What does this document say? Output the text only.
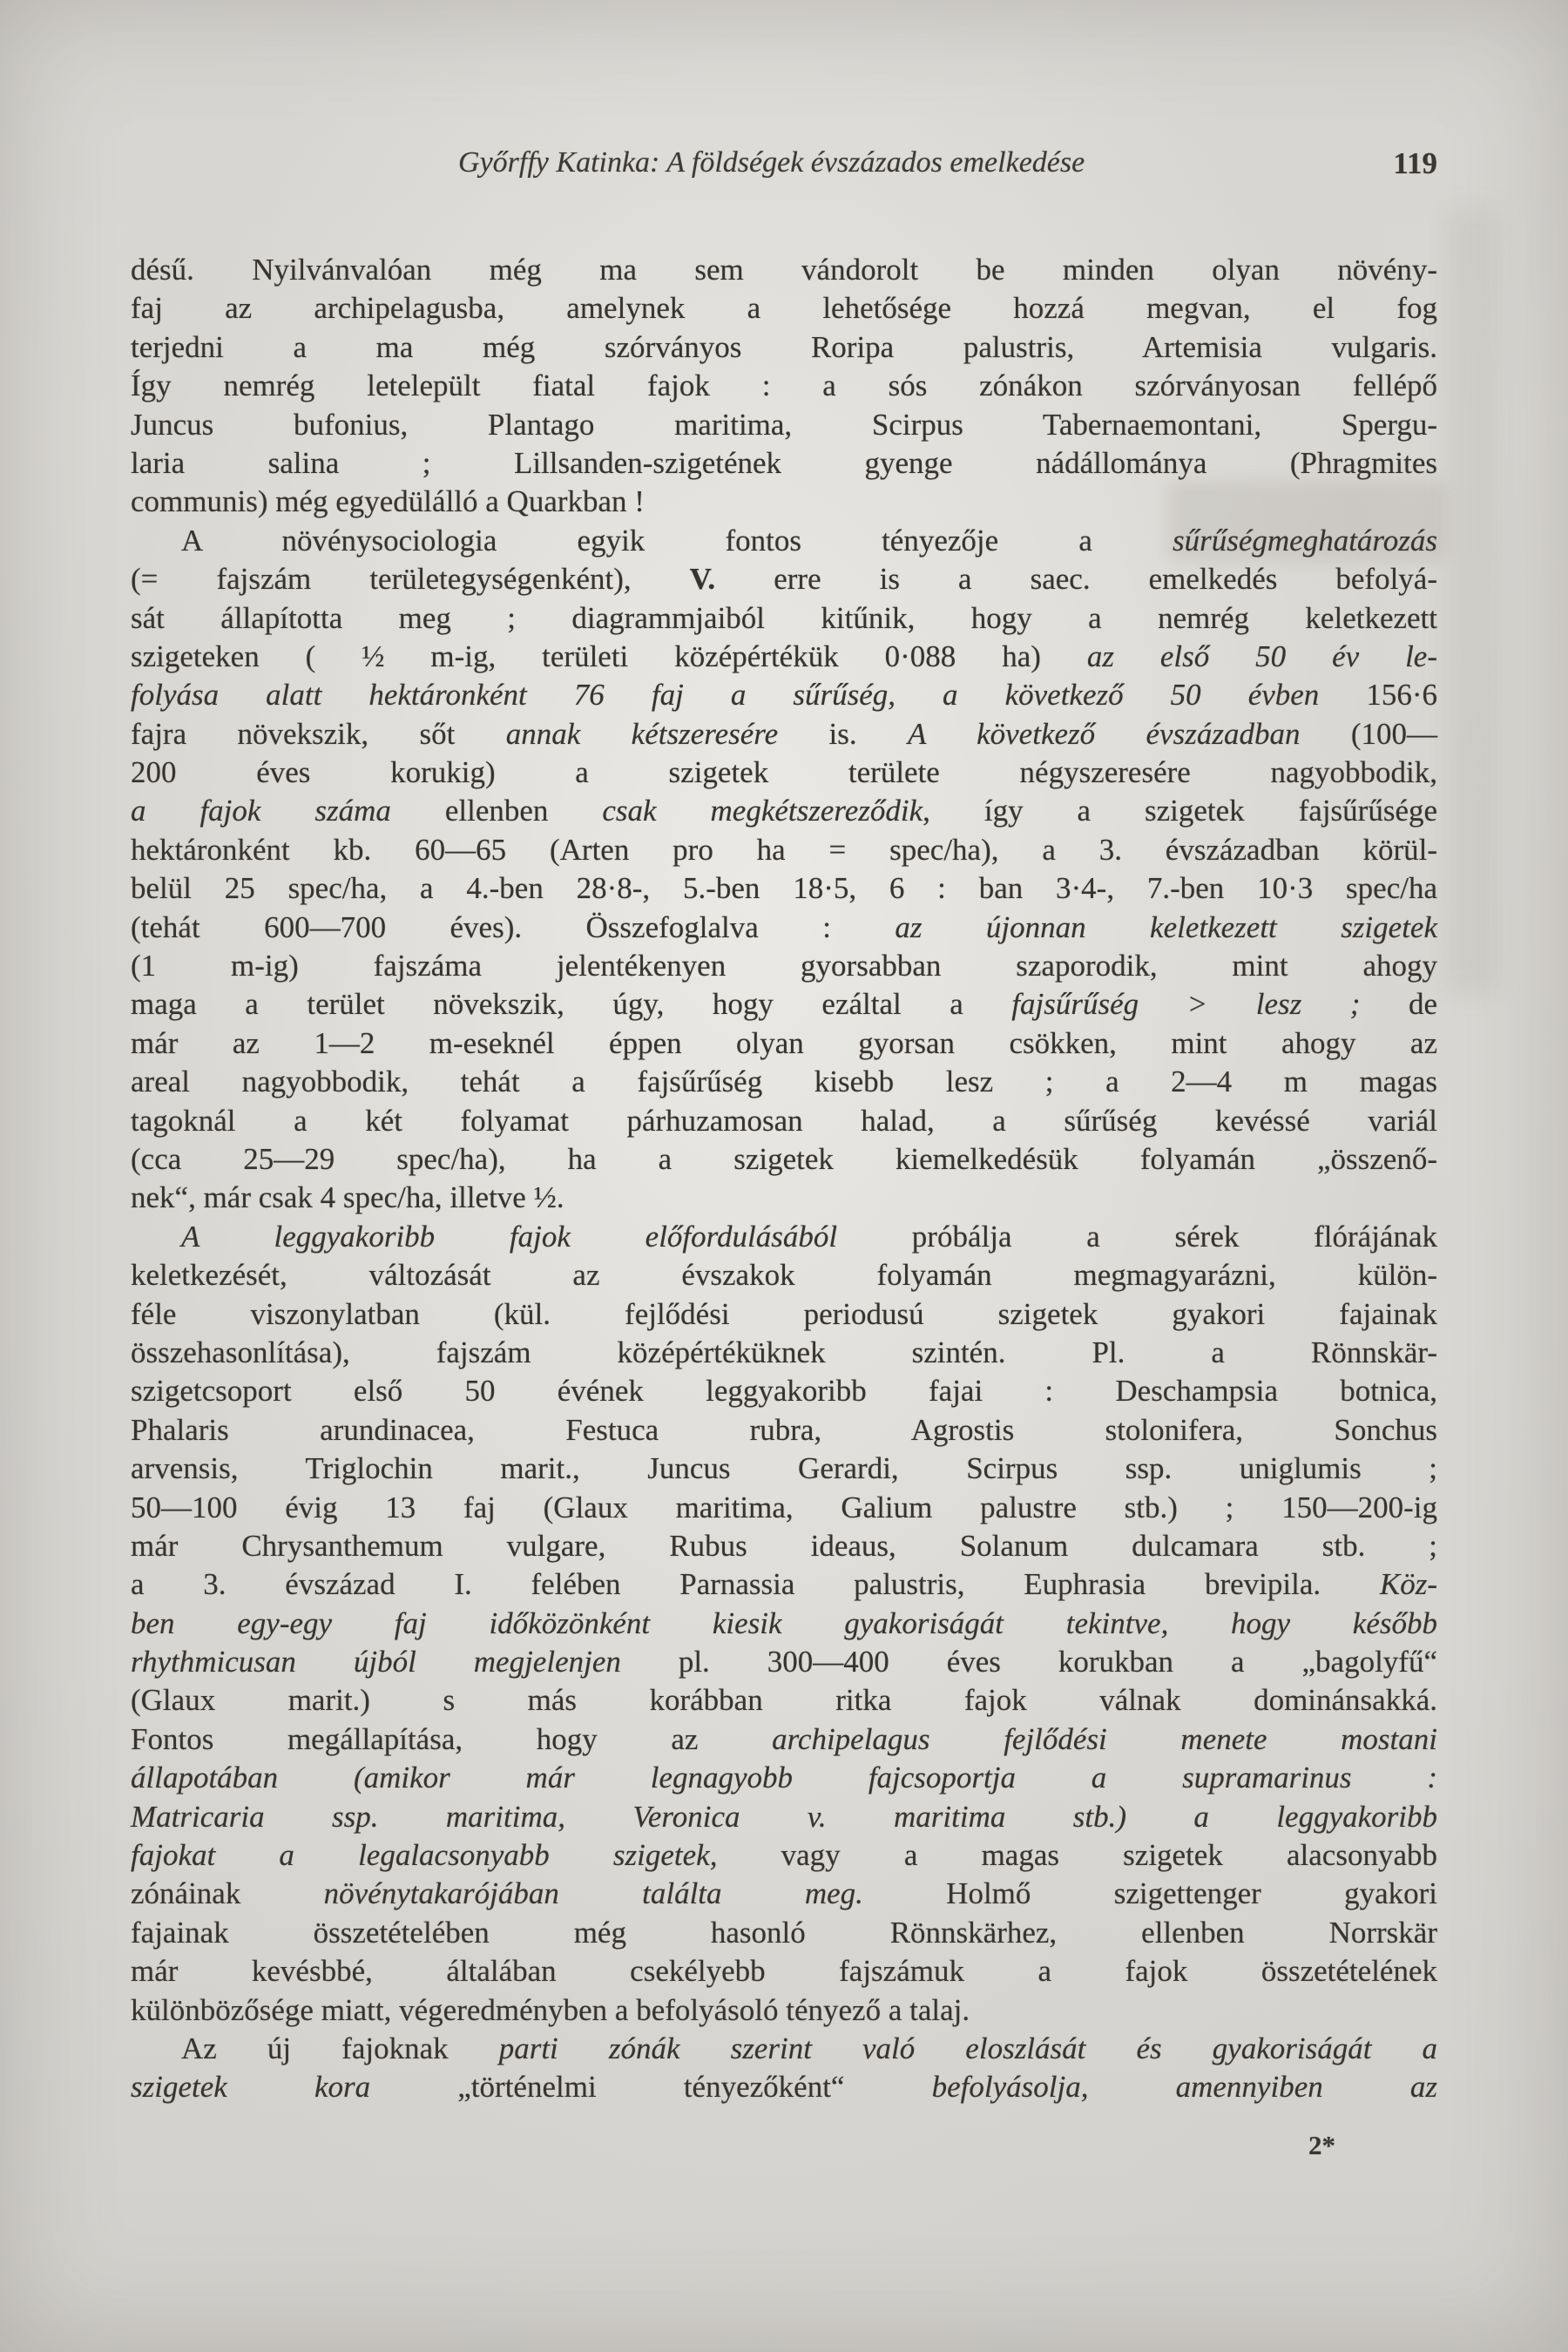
Győrffy Katinka: A földségek évszázados emelkedése	119
désű. Nyilvánvalóan még ma sem vándorolt be minden olyan növény-
faj az archipelagusba, amelynek a lehetősége hozzá megvan, el fog
terjedni a ma még szórványos Roripa palustris, Artemisia vulgaris.
Így nemrég letelepült fiatal fajok : a sós zónákon szórványosan fellépő
Juncus bufonius, Plantago maritima, Scirpus Tabernaemontani, Spergu-
laria salina ; Lillsanden-szigetének gyenge nádállománya (Phragmites
communis) még egyedülálló a Quarkban !
A növénysociologia egyik fontos tényezője a sűrűségmeghatározás
(= fajszám területegységenként), V. erre is a saec. emelkedés befolyá-
sát állapította meg ; diagrammjaiból kitűnik, hogy a nemrég keletkezett
szigeteken ( ½ m-ig, területi középértékük 0·088 ha) az első 50 év le-
folyása alatt hektáronként 76 faj a sűrűség, a következő 50 évben 156·6
fajra növekszik, sőt annak kétszeresére is. A következő évszázadban (100—
200 éves korukig) a szigetek területe négyszeresére nagyobbodik,
a fajok száma ellenben csak megkétszereződik, így a szigetek fajsűrűsége
hektáronként kb. 60—65 (Arten pro ha = spec/ha), a 3. évszázadban körül-
belül 25 spec/ha, a 4.-ben 28·8-, 5.-ben 18·5, 6 : ban 3·4-, 7.-ben 10·3 spec/ha
(tehát 600—700 éves). Összefoglalva : az újonnan keletkezett szigetek
(1 m-ig) fajszáma jelentékenyen gyorsabban szaporodik, mint ahogy
maga a terület növekszik, úgy, hogy ezáltal a fajsűrűség > lesz ; de
már az 1—2 m-eseknél éppen olyan gyorsan csökken, mint ahogy az
areal nagyobbodik, tehát a fajsűrűség kisebb lesz ; a 2—4 m magas
tagoknál a két folyamat párhuzamosan halad, a sűrűség kevéssé variál
(cca 25—29 spec/ha), ha a szigetek kiemelkedésük folyamán „összenő-
nek“, már csak 4 spec/ha, illetve ½.
A leggyakoribb fajok előfordulásából próbálja a sérek flórájának
keletkezését, változását az évszakok folyamán megmagyarázni, külön-
féle viszonylatban (kül. fejlődési periodusú szigetek gyakori fajainak
összehasonlítása), fajszám középértéküknek szintén. Pl. a Rönnskär-
szigetcsoport első 50 évének leggyakoribb fajai : Deschampsia botnica,
Phalaris arundinacea, Festuca rubra, Agrostis stolonifera, Sonchus
arvensis, Triglochin marit., Juncus Gerardi, Scirpus ssp. uniglumis ;
50—100 évig 13 faj (Glaux maritima, Galium palustre stb.) ; 150—200-ig
már Chrysanthemum vulgare, Rubus ideaus, Solanum dulcamara stb. ;
a 3. évszázad I. felében Parnassia palustris, Euphrasia brevipila. Köz-
ben egy-egy faj időközönként kiesik gyakoriságát tekintve, hogy később
rhythmicusan újból megjelenjen pl. 300—400 éves korukban a „bagolyfű“
(Glaux marit.) s más korábban ritka fajok válnak dominánsakká.
Fontos megállapítása, hogy az archipelagus fejlődési menete mostani
állapotában (amikor már legnagyobb fajcsoportja a supramarinus :
Matricaria ssp. maritima, Veronica v. maritima stb.) a leggyakoribb
fajokat a legalacsonyabb szigetek, vagy a magas szigetek alacsonyabb
zónáinak növénytakarójában találta meg. Holmő szigettenger gyakori
fajainak összetételében még hasonló Rönnskärhez, ellenben Norrskär
már kevésbbé, általában csekélyebb fajszámuk a fajok összetételének
különbözősége miatt, végeredményben a befolyásoló tényező a talaj.
Az új fajoknak parti zónák szerint való eloszlását és gyakoriságát a
szigetek kora „történelmi tényezőként“ befolyásolja, amennyiben az
2*
